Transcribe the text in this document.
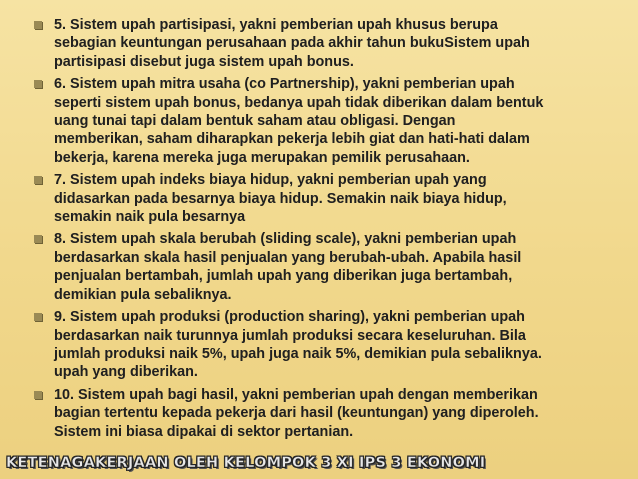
5. Sistem upah partisipasi, yakni pemberian upah khusus berupa
sebagian keuntungan perusahaan pada akhir tahun bukuSistem upah
partisipasi disebut juga sistem upah bonus.
6. Sistem upah mitra usaha (co Partnership), yakni pemberian upah
seperti sistem upah bonus, bedanya upah tidak diberikan dalam bentuk
uang tunai tapi dalam bentuk saham atau obligasi. Dengan
memberikan, saham diharapkan pekerja lebih giat dan hati-hati dalam
bekerja, karena mereka juga merupakan pemilik perusahaan.
7. Sistem upah indeks biaya hidup, yakni pemberian upah yang
didasarkan pada besarnya biaya hidup. Semakin naik biaya hidup,
semakin naik pula besarnya
8. Sistem upah skala berubah (sliding scale), yakni pemberian upah
berdasarkan skala hasil penjualan yang berubah-ubah. Apabila hasil
penjualan bertambah, jumlah upah yang diberikan juga bertambah,
demikian pula sebaliknya.
9. Sistem upah produksi (production sharing), yakni pemberian upah
berdasarkan naik turunnya jumlah produksi secara keseluruhan. Bila
jumlah produksi naik 5%, upah juga naik 5%, demikian pula sebaliknya.
upah yang diberikan.
10. Sistem upah bagi hasil, yakni pemberian upah dengan memberikan
bagian tertentu kepada pekerja dari hasil (keuntungan) yang diperoleh.
Sistem ini biasa dipakai di sektor pertanian.
KETENAGAKERJAAN OLEH KELOMPOK 3 XI IPS 3 EKONOMI
